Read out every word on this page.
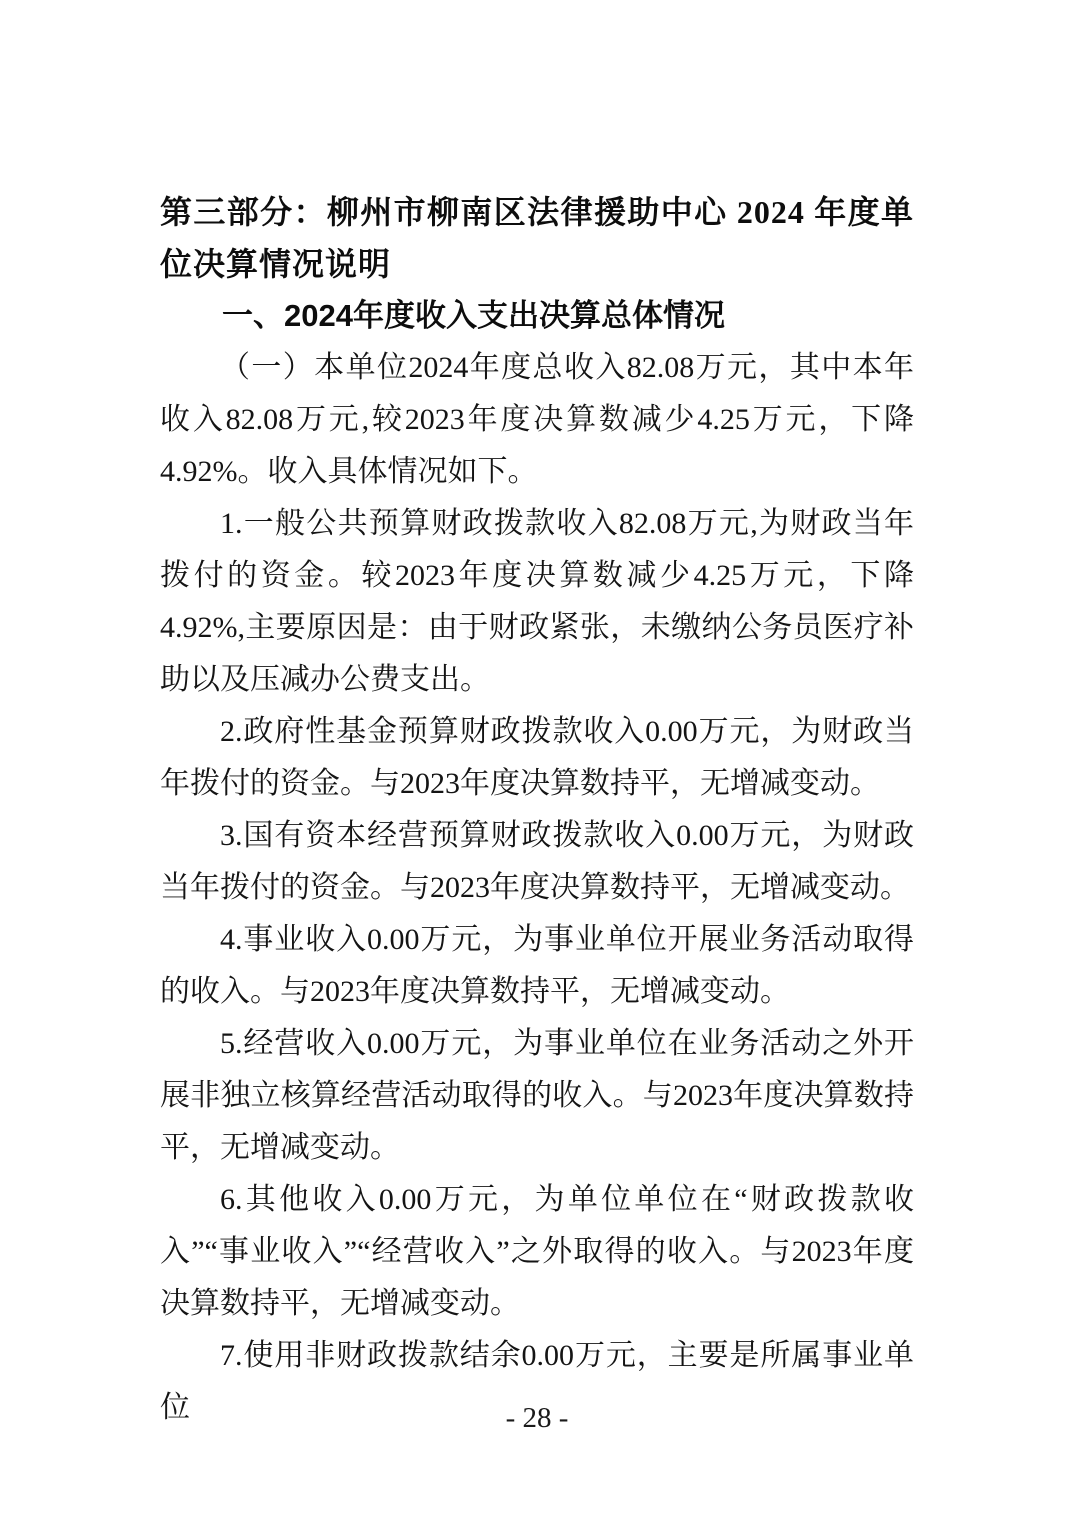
第三部分：柳州市柳南区法律援助中心 2024 年度单位决算情况说明
一、2024年度收入支出决算总体情况

（一）本单位2024年度总收入82.08万元，其中本年收入82.08万元,较2023年度决算数减少4.25万元，下降4.92%。收入具体情况如下。

1.一般公共预算财政拨款收入82.08万元,为财政当年拨付的资金。较2023年度决算数减少4.25万元，下降4.92%,主要原因是：由于财政紧张，未缴纳公务员医疗补助以及压减办公费支出。

2.政府性基金预算财政拨款收入0.00万元，为财政当年拨付的资金。与2023年度决算数持平，无增减变动。

3.国有资本经营预算财政拨款收入0.00万元，为财政当年拨付的资金。与2023年度决算数持平，无增减变动。

4.事业收入0.00万元，为事业单位开展业务活动取得的收入。与2023年度决算数持平，无增减变动。

5.经营收入0.00万元，为事业单位在业务活动之外开展非独立核算经营活动取得的收入。与2023年度决算数持平，无增减变动。

6.其他收入0.00万元，为单位单位在“财政拨款收入”“事业收入”“经营收入”之外取得的收入。与2023年度决算数持平，无增减变动。

7.使用非财政拨款结余0.00万元，主要是所属事业单位	- 28 -
